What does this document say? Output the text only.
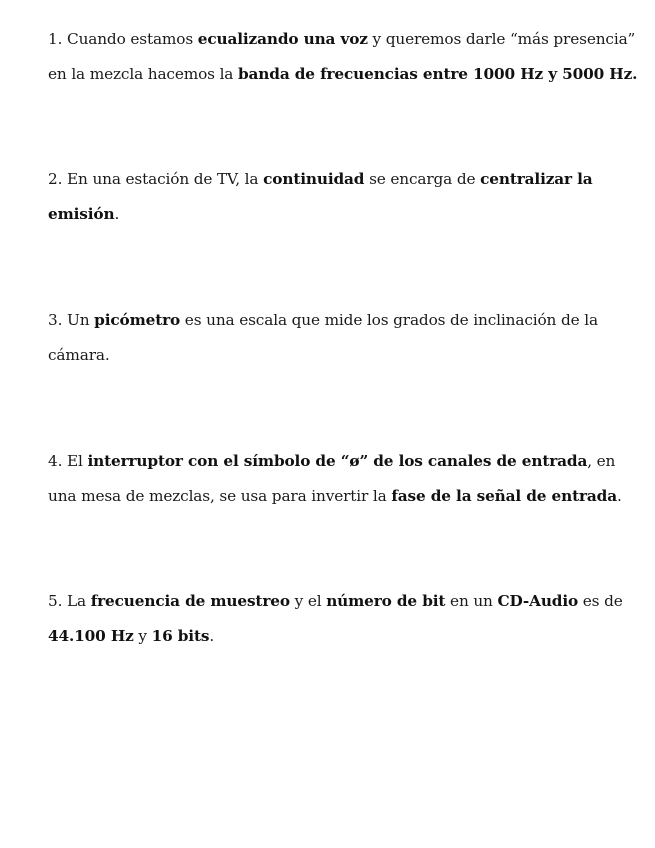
1. Cuando estamos ecualizando una voz y queremos darle “más presencia” en la mezcla hacemos la banda de frecuencias entre 1000 Hz y 5000 Hz.

2. En una estación de TV, la continuidad se encarga de centralizar la emisión.

3. Un picómetro es una escala que mide los grados de inclinación de la cámara.

4. El interruptor con el símbolo de “ø” de los canales de entrada, en una mesa de mezclas, se usa para invertir la fase de la señal de entrada.

5. La frecuencia de muestreo y el número de bit en un CD-Audio es de 44.100 Hz y 16 bits.
